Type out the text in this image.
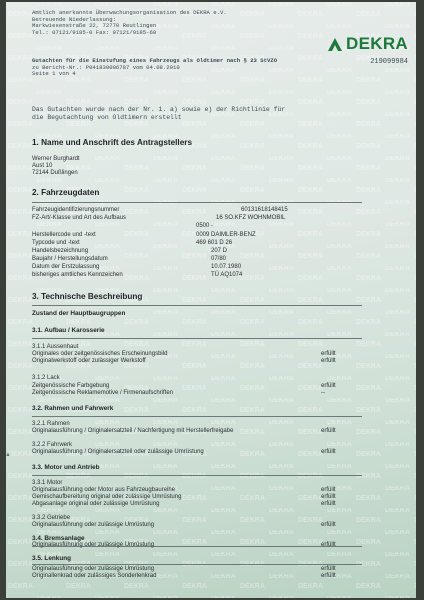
Amtlich anerkannte Überwachungsorganisation des DEKRA e.V.
Betreuende Niederlassung:
Markwiesenstraße 22, 72770 Reutlingen
Tel.: 07121/9185-0 Fax: 07121/9185-60
DEKRA
219099984
Gutachten für die Einstufung eines Fahrzeugs als Oldtimer nach § 23 StVZO
zu Bericht-Nr.: P041830006787 vom 04.08.2010
Seite 1 von 4
Das Gutachten wurde nach der Nr. 1. a) sowie e) der Richtlinie für
die Begutachtung von Oldtimern erstellt
1. Name und Anschrift des Antragstellers
Werner Burghardt
Aust 10
72144 Dußlingen
2. Fahrzeugdaten
Fahrzeugidentifizierungsnummer	60131618148415
FZ-Art/-Klasse und Art des Aufbaus	16 SO.KFZ WOHNMOBIL
0500 -
Herstellercode und -text	0009 DAIMLER-BENZ
Typcode und -text	469 601 D 26
Handelsbezeichnung	207 D
Baujahr / Herstellungsdatum	07/80
Datum der Erstzulassung	10.07.1980
bisheriges amtliches Kennzeichen	TÜ AQ1074
3. Technische Beschreibung
Zustand der Hauptbaugruppen
3.1. Aufbau / Karosserie
3.1.1 Aussenhaut
Originales oder zeitgenössisches Erscheinungsbild	erfüllt
Originalwerkstoff oder zulässiger Werkstoff	erfüllt
3.1.2 Lack
Zeitgenössische Farbgebung	erfüllt
Zeitgenössische Reklamemotive / Firmenaufschriften	--
3.2. Rahmen und Fahrwerk
3.2.1 Rahmen
Originalausführung / Originalersatzteil / Nachfertigung mit Herstellerfreigabe	erfüllt
3.2.2 Fahrwerk
Originalausführung / Originalersatzteil oder zulässige Umrüstung	erfüllt
3.3. Motor und Antrieb
3.3.1 Motor
Originalausführung oder Motor aus Fahrzeugbaureihe	erfüllt
Gemischaufbereitung original oder zulässige Umrüstung	erfüllt
Abgasanlage original oder zulässige Umrüstung	erfüllt
3.3.2 Getriebe
Originalausführung oder zulässige Umrüstung	erfüllt
3.4. Bremsanlage
Originalausführung oder zulässige Umrüstung	erfüllt
3.5. Lenkung
Originalausführung oder zulässige Umrüstung	erfüllt
Originallenkrad oder zulässiges Sonderlenkrad	erfüllt
▲
